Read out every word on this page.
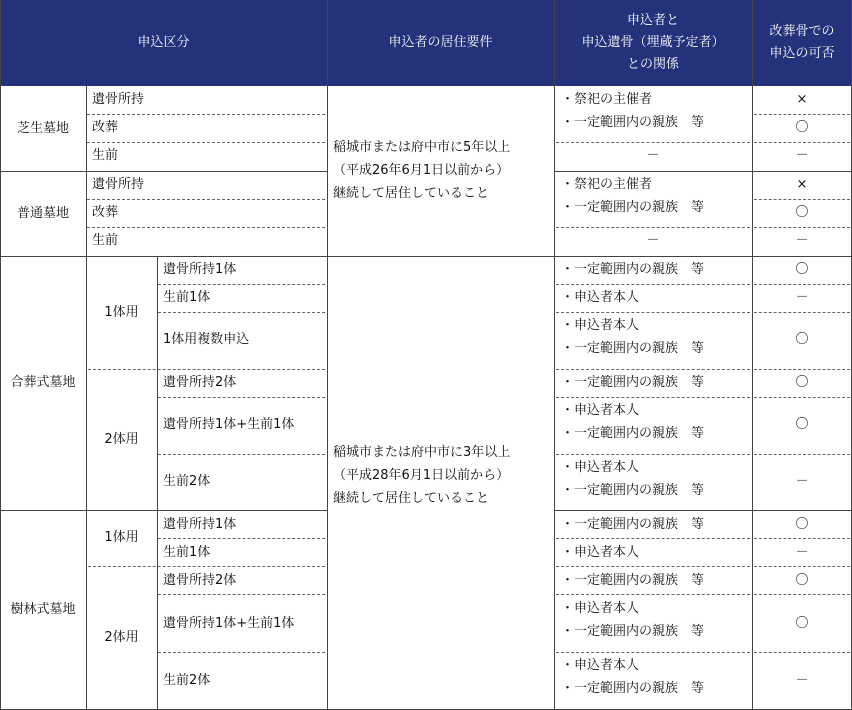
申込区分	申込者の居住要件
申込者と
申込遺骨（埋蔵予定者）
との関係
改葬骨での
申込の可否
芝生墓地
普通墓地
合葬式墓地
樹林式墓地
遺骨所持
改葬
生前
遺骨所持
改葬
生前
1体用
2体用
1体用
2体用
遺骨所持1体
生前1体
1体用複数申込
遺骨所持2体
遺骨所持1体+生前1体
生前2体
遺骨所持1体
生前1体
遺骨所持2体
遺骨所持1体+生前1体
生前2体
稲城市または府中市に5年以上
（平成26年6月1日以前から）
継続して居住していること
稲城市または府中市に3年以上
（平成28年6月1日以前から）
継続して居住していること
・祭祀の主催者
・一定範囲内の親族　等
－
・祭祀の主催者
・一定範囲内の親族　等
－
・一定範囲内の親族　等
・申込者本人
・申込者本人
・一定範囲内の親族　等
・一定範囲内の親族　等
・申込者本人
・一定範囲内の親族　等
・申込者本人
・一定範囲内の親族　等
・一定範囲内の親族　等
・申込者本人
・一定範囲内の親族　等
・申込者本人
・一定範囲内の親族　等
・申込者本人
・一定範囲内の親族　等
×
〇
－
×
〇
－
〇
－
〇
〇
〇
－
〇
－
〇
〇
－
